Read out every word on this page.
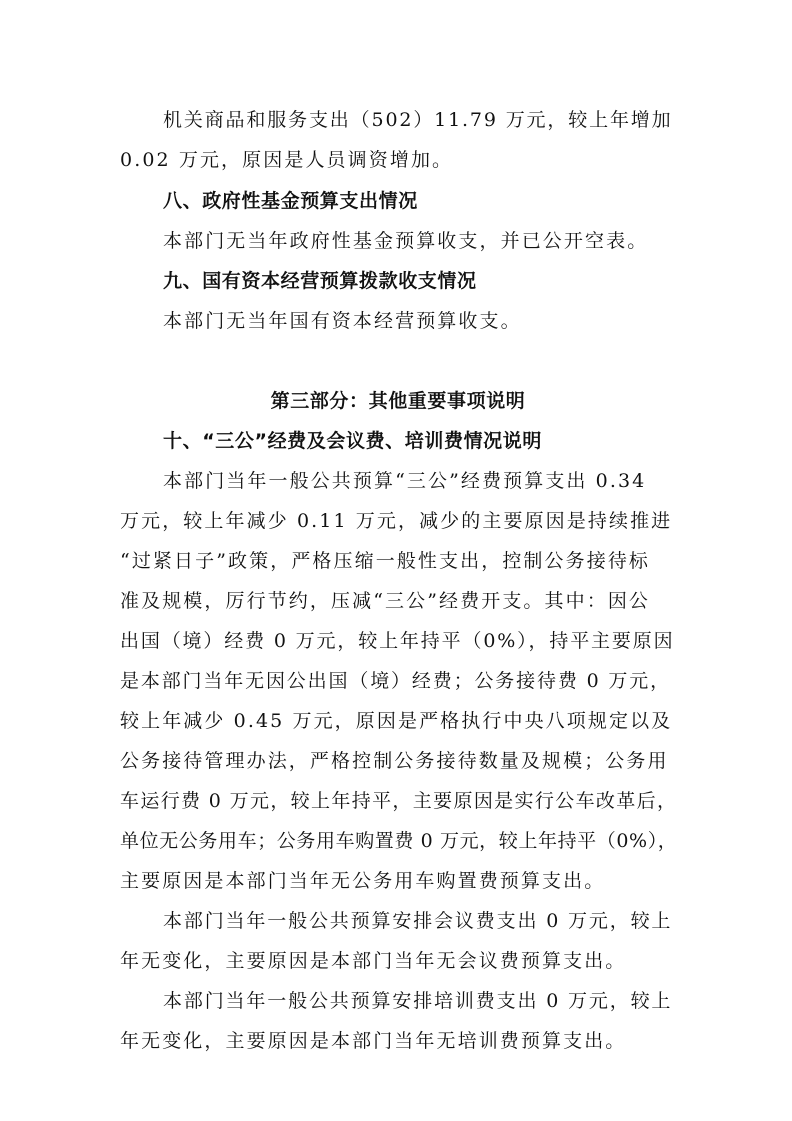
机关商品和服务支出（502）11.79 万元，较上年增加
0.02 万元，原因是人员调资增加。
八、政府性基金预算支出情况
本部门无当年政府性基金预算收支，并已公开空表。
九、国有资本经营预算拨款收支情况
本部门无当年国有资本经营预算收支。
第三部分：其他重要事项说明
十、“三公”经费及会议费、培训费情况说明
本部门当年一般公共预算“三公”经费预算支出 0.34
万元，较上年减少 0.11 万元，减少的主要原因是持续推进
“过紧日子”政策，严格压缩一般性支出，控制公务接待标
准及规模，厉行节约，压减“三公”经费开支。其中：因公
出国（境）经费 0 万元，较上年持平（0%），持平主要原因
是本部门当年无因公出国（境）经费；公务接待费 0 万元，
较上年减少 0.45 万元，原因是严格执行中央八项规定以及
公务接待管理办法，严格控制公务接待数量及规模；公务用
车运行费 0 万元，较上年持平，主要原因是实行公车改革后，
单位无公务用车；公务用车购置费 0 万元，较上年持平（0%），
主要原因是本部门当年无公务用车购置费预算支出。
本部门当年一般公共预算安排会议费支出 0 万元，较上
年无变化，主要原因是本部门当年无会议费预算支出。
本部门当年一般公共预算安排培训费支出 0 万元，较上
年无变化，主要原因是本部门当年无培训费预算支出。
